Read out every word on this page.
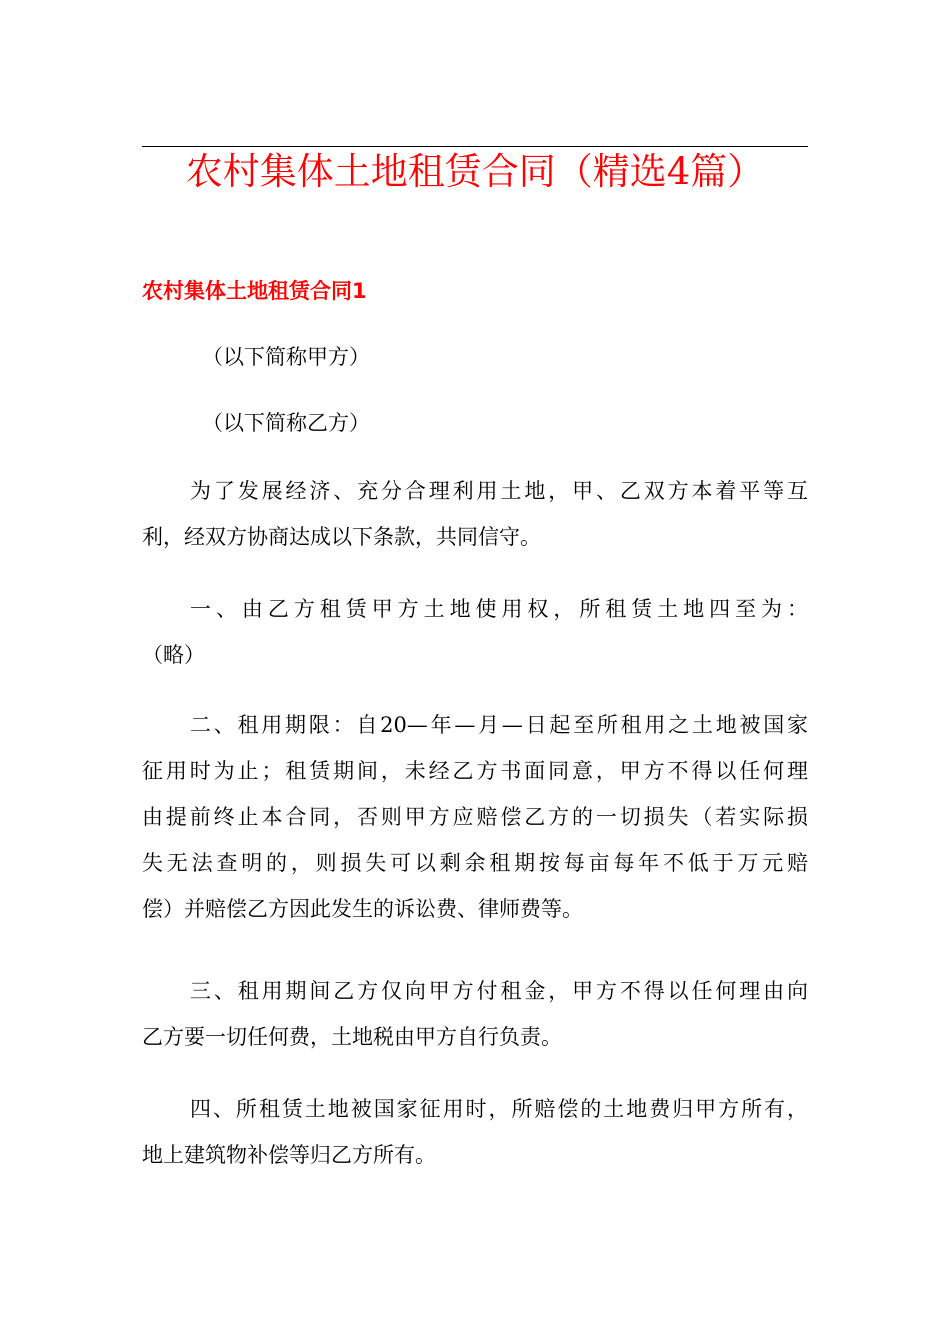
农村集体土地租赁合同（精选4篇）
农村集体土地租赁合同1
（以下简称甲方）
（以下简称乙方）
为了发展经济、充分合理利用土地，甲、乙双方本着平等互
利，经双方协商达成以下条款，共同信守。
一、由乙方租赁甲方土地使用权，所租赁土地四至为：
（略）
二、租用期限：自20—年—月—日起至所租用之土地被国家
征用时为止；租赁期间，未经乙方书面同意，甲方不得以任何理
由提前终止本合同，否则甲方应赔偿乙方的一切损失（若实际损
失无法查明的，则损失可以剩余租期按每亩每年不低于万元赔
偿）并赔偿乙方因此发生的诉讼费、律师费等。
三、租用期间乙方仅向甲方付租金，甲方不得以任何理由向
乙方要一切任何费，土地税由甲方自行负责。
四、所租赁土地被国家征用时，所赔偿的土地费归甲方所有，
地上建筑物补偿等归乙方所有。
